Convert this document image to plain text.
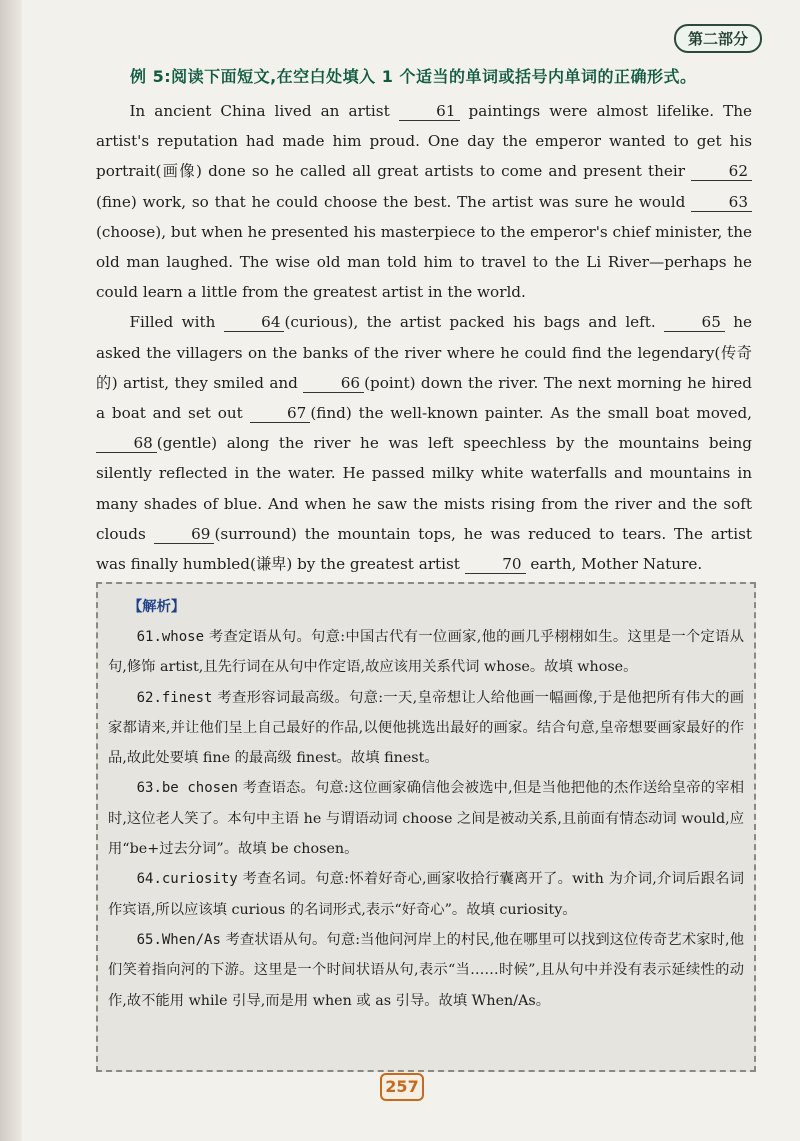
第二部分
例 5:阅读下面短文,在空白处填入 1 个适当的单词或括号内单词的正确形式。

In ancient China lived an artist 61 paintings were almost lifelike. The artist's reputation had made him proud. One day the emperor wanted to get his portrait(画像) done so he called all great artists to come and present their 62(fine) work, so that he could choose the best. The artist was sure he would 63(choose), but when he presented his masterpiece to the emperor's chief minister, the old man laughed. The wise old man told him to travel to the Li River—perhaps he could learn a little from the greatest artist in the world.

Filled with 64 (curious), the artist packed his bags and left. 65 he asked the villagers on the banks of the river where he could find the legendary(传奇的) artist, they smiled and 66 (point) down the river. The next morning he hired a boat and set out 67 (find) the well-known painter. As the small boat moved, 68 (gentle) along the river he was left speechless by the mountains being silently reflected in the water. He passed milky white waterfalls and mountains in many shades of blue. And when he saw the mists rising from the river and the soft clouds 69 (surround) the mountain tops, he was reduced to tears. The artist was finally humbled(谦卑) by the greatest artist 70 earth, Mother Nature.

【解析】

61.whose 考查定语从句。句意:中国古代有一位画家,他的画几乎栩栩如生。这里是一个定语从句,修饰 artist,且先行词在从句中作定语,故应该用关系代词 whose。故填 whose。

62.finest 考查形容词最高级。句意:一天,皇帝想让人给他画一幅画像,于是他把所有伟大的画家都请来,并让他们呈上自己最好的作品,以便他挑选出最好的画家。结合句意,皇帝想要画家最好的作品,故此处要填 fine 的最高级 finest。故填 finest。

63.be chosen 考查语态。句意:这位画家确信他会被选中,但是当他把他的杰作送给皇帝的宰相时,这位老人笑了。本句中主语 he 与谓语动词 choose 之间是被动关系,且前面有情态动词 would,应用“be+过去分词”。故填 be chosen。

64.curiosity 考查名词。句意:怀着好奇心,画家收拾行囊离开了。with 为介词,介词后跟名词作宾语,所以应该填 curious 的名词形式,表示“好奇心”。故填 curiosity。

65.When/As 考查状语从句。句意:当他问河岸上的村民,他在哪里可以找到这位传奇艺术家时,他们笑着指向河的下游。这里是一个时间状语从句,表示“当……时候”,且从句中并没有表示延续性的动作,故不能用 while 引导,而是用 when 或 as 引导。故填 When/As。

257
